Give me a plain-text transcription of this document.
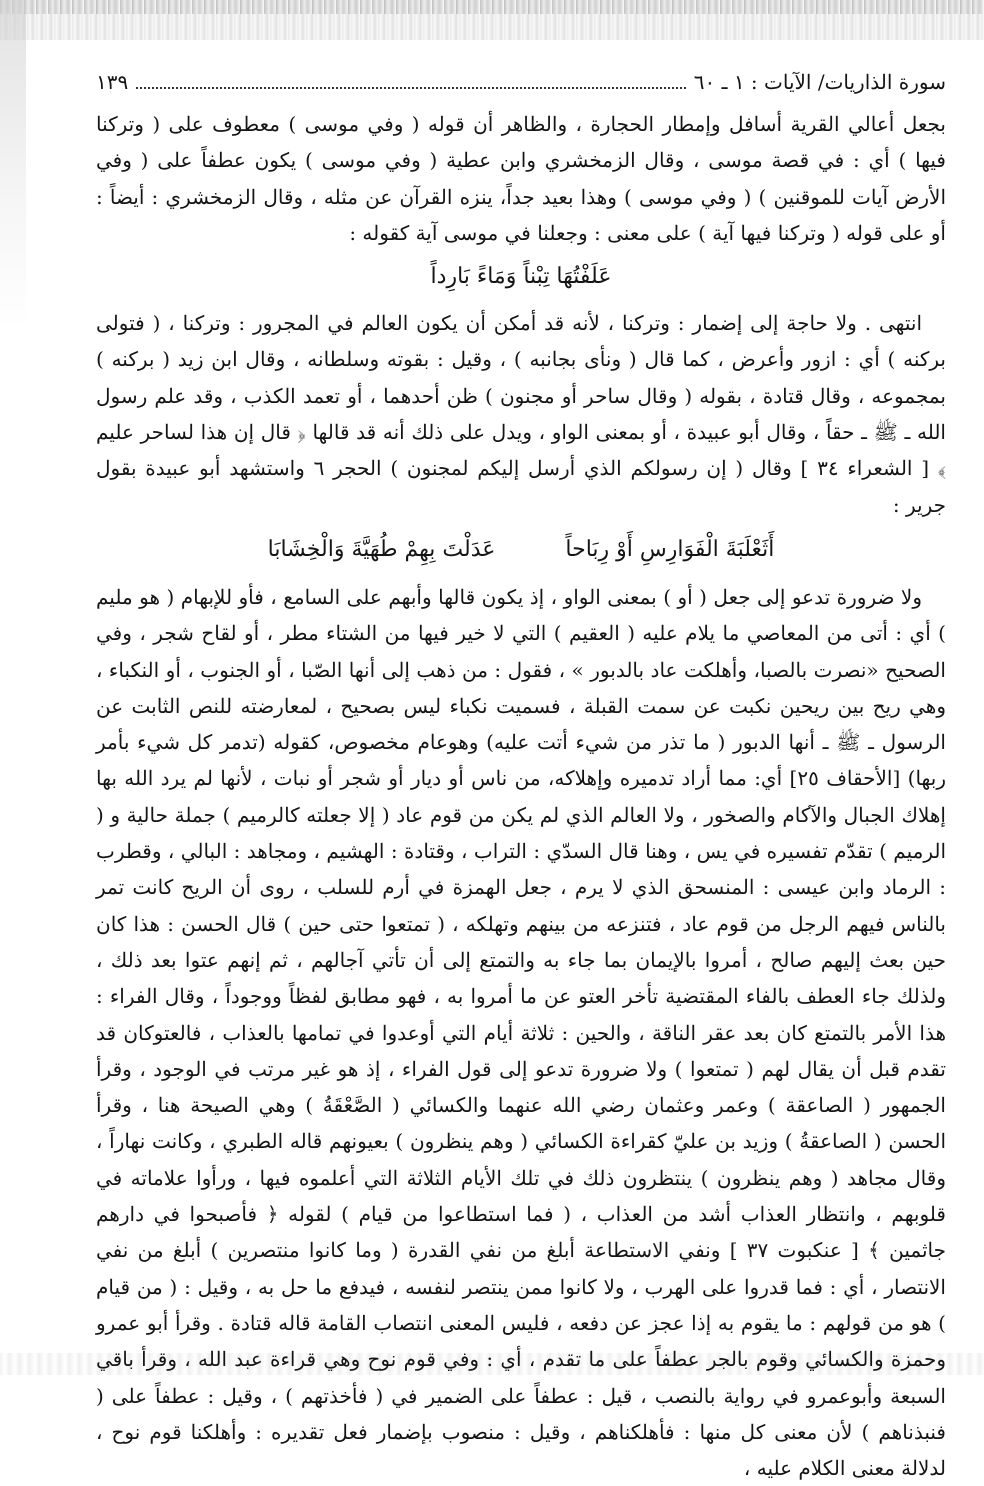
سورة الذاريات/ الآيات : ١ ـ ٦٠
١٣٩

بجعل أعالي القرية أسافل وإمطار الحجارة ، والظاهر أن قوله ( وفي موسى ) معطوف على ( وتركنا فيها ) أي : في قصة موسى ، وقال الزمخشري وابن عطية ( وفي موسى ) يكون عطفاً على ( وفي الأرض آيات للموقنين ) ( وفي موسى ) وهذا بعيد جداً، ينزه القرآن عن مثله ، وقال الزمخشري : أيضاً : أو على قوله ( وتركنا فيها آية ) على معنى : وجعلنا في موسى آية كقوله :

عَلَفْتُهَا تِبْناً وَمَاءً بَارِداً

انتهى . ولا حاجة إلى إضمار : وتركنا ، لأنه قد أمكن أن يكون العالم في المجرور : وتركنا ، ( فتولى بركنه ) أي : ازور وأعرض ، كما قال ( ونأى بجانبه ) ، وقيل : بقوته وسلطانه ، وقال ابن زيد ( بركنه ) بمجموعه ، وقال قتادة ، بقوله ( وقال ساحر أو مجنون ) ظن أحدهما ، أو تعمد الكذب ، وقد علم رسول الله ـ ﷺ ـ حقاً ، وقال أبو عبيدة ، أو بمعنى الواو ، ويدل على ذلك أنه قد قالها ﴿ قال إن هذا لساحر عليم ﴾ [ الشعراء ٣٤ ] وقال ( إن رسولكم الذي أرسل إليكم لمجنون ) الحجر ٦ واستشهد أبو عبيدة بقول جرير :

أَثَعْلَبَةَ الْفَوَارِسِ أَوْ رِبَاحاً
عَدَلْتَ بِهِمْ طُهَيَّةَ وَالْخِشَابَا

ولا ضرورة تدعو إلى جعل ( أو ) بمعنى الواو ، إذ يكون قالها وأبهم على السامع ، فأو للإبهام ( هو مليم ) أي : أتى من المعاصي ما يلام عليه ( العقيم ) التي لا خير فيها من الشتاء مطر ، أو لقاح شجر ، وفي الصحيح «نصرت بالصبا، وأهلكت عاد بالدبور » ، فقول : من ذهب إلى أنها الصّبا ، أو الجنوب ، أو النكباء ، وهي ريح بين ريحين نكبت عن سمت القبلة ، فسميت نكباء ليس بصحيح ، لمعارضته للنص الثابت عن الرسول ـ ﷺ ـ أنها الدبور ( ما تذر من شيء أتت عليه) وهوعام مخصوص، كقوله (تدمر كل شيء بأمر ربها) [الأحقاف ٢٥] أي: مما أراد تدميره وإهلاكه، من ناس أو ديار أو شجر أو نبات ، لأنها لم يرد الله بها إهلاك الجبال والآكام والصخور ، ولا العالم الذي لم يكن من قوم عاد ( إلا جعلته كالرميم ) جملة حالية و ( الرميم ) تقدّم تفسيره في يس ، وهنا قال السدّي : التراب ، وقتادة : الهشيم ، ومجاهد : البالي ، وقطرب : الرماد وابن عيسى : المنسحق الذي لا يرم ، جعل الهمزة في أرم للسلب ، روى أن الريح كانت تمر بالناس فيهم الرجل من قوم عاد ، فتنزعه من بينهم وتهلكه ، ( تمتعوا حتى حين ) قال الحسن : هذا كان حين بعث إليهم صالح ، أمروا بالإيمان بما جاء به والتمتع إلى أن تأتي آجالهم ، ثم إنهم عتوا بعد ذلك ، ولذلك جاء العطف بالفاء المقتضية تأخر العتو عن ما أمروا به ، فهو مطابق لفظاً ووجوداً ، وقال الفراء : هذا الأمر بالتمتع كان بعد عقر الناقة ، والحين : ثلاثة أيام التي أوعدوا في تمامها بالعذاب ، فالعتوكان قد تقدم قبل أن يقال لهم ( تمتعوا ) ولا ضرورة تدعو إلى قول الفراء ، إذ هو غير مرتب في الوجود ، وقرأ الجمهور ( الصاعقة ) وعمر وعثمان رضي الله عنهما والكسائي ( الصَّعْقَةُ ) وهي الصيحة هنا ، وقرأ الحسن ( الصاعقةُ ) وزيد بن عليّ كقراءة الكسائي ( وهم ينظرون ) بعيونهم قاله الطبري ، وكانت نهاراً ، وقال مجاهد ( وهم ينظرون ) ينتظرون ذلك في تلك الأيام الثلاثة التي أعلموه فيها ، ورأوا علاماته في قلوبهم ، وانتظار العذاب أشد من العذاب ، ( فما استطاعوا من قيام ) لقوله ﴿ فأصبحوا في دارهم جاثمين ﴾ [ عنكبوت ٣٧ ] ونفي الاستطاعة أبلغ من نفي القدرة ( وما كانوا منتصرين ) أبلغ من نفي الانتصار ، أي : فما قدروا على الهرب ، ولا كانوا ممن ينتصر لنفسه ، فيدفع ما حل به ، وقيل : ( من قيام ) هو من قولهم : ما يقوم به إذا عجز عن دفعه ، فليس المعنى انتصاب القامة قاله قتادة . وقرأ أبو عمرو وحمزة والكسائي وقوم بالجر عطفاً على ما تقدم ، أي : وفي قوم نوح وهي قراءة عبد الله ، وقرأ باقي السبعة وأبوعمرو في رواية بالنصب ، قيل : عطفاً على الضمير في ( فأخذتهم ) ، وقيل : عطفاً على ( فنبذناهم ) لأن معنى كل منها : فأهلكناهم ، وقيل : منصوب بإضمار فعل تقديره : وأهلكنا قوم نوح ، لدلالة معنى الكلام عليه ،
